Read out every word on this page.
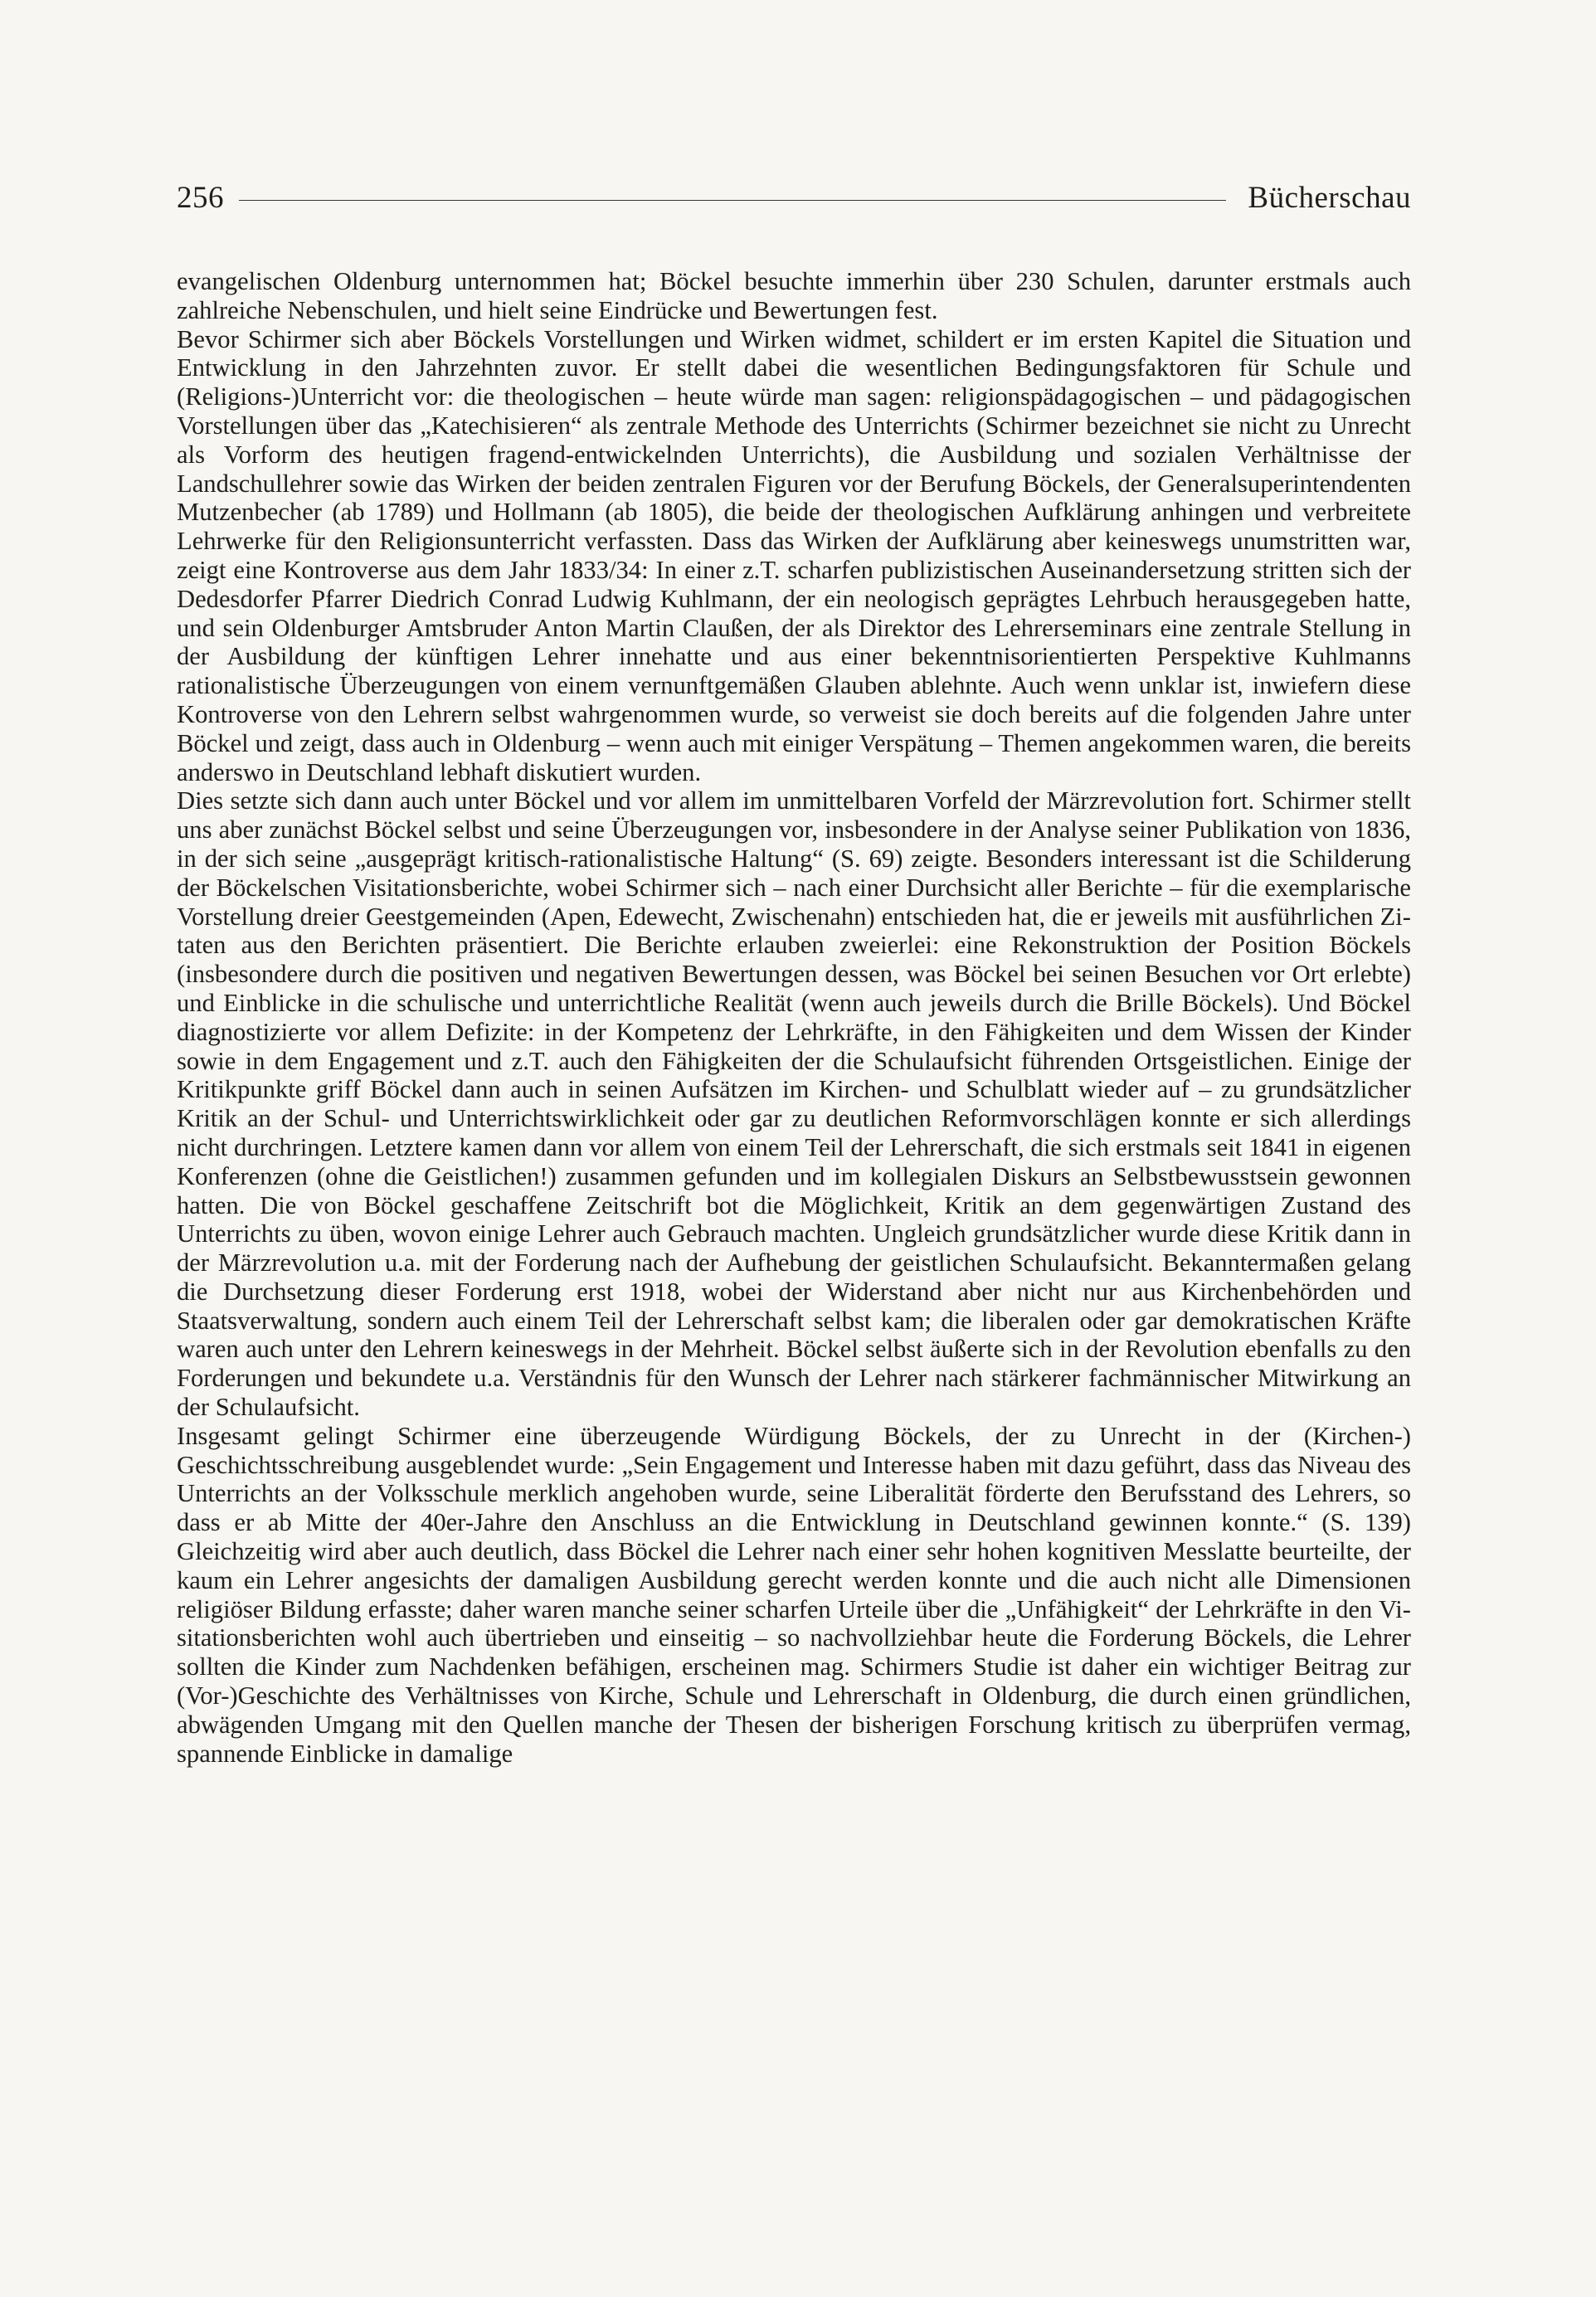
256	Bücherschau

evangelischen Oldenburg unternommen hat; Böckel besuchte immerhin über 230 Schulen, darunter erstmals auch zahlreiche Nebenschulen, und hielt seine Eindrücke und Bewertungen fest.

Bevor Schirmer sich aber Böckels Vorstellungen und Wirken widmet, schildert er im ersten Kapitel die Situation und Entwicklung in den Jahrzehnten zuvor. Er stellt dabei die wesentlichen Bedingungsfaktoren für Schule und (Religions-)Unterricht vor: die theologischen – heute würde man sagen: religionspädagogischen – und pädagogischen Vorstellungen über das „Katechisieren“ als zentrale Methode des Unterrichts (Schirmer bezeichnet sie nicht zu Unrecht als Vorform des heutigen fragend-entwickelnden Unterrichts), die Ausbildung und sozialen Verhältnisse der Landschullehrer sowie das Wirken der beiden zentralen Figuren vor der Berufung Böckels, der Generalsuperintendenten Mutzenbecher (ab 1789) und Hollmann (ab 1805), die beide der theologischen Aufklärung anhingen und verbreitete Lehrwerke für den Religionsunterricht verfassten. Dass das Wirken der Aufklärung aber keineswegs unumstritten war, zeigt eine Kontroverse aus dem Jahr 1833/34: In einer z.T. scharfen publizistischen Auseinandersetzung stritten sich der Dedesdorfer Pfarrer Diedrich Conrad Ludwig Kuhlmann, der ein neologisch geprägtes Lehrbuch herausgegeben hatte, und sein Oldenburger Amtsbruder Anton Martin Claußen, der als Direktor des Lehrerseminars eine zentrale Stellung in der Ausbildung der künftigen Lehrer innehatte und aus einer bekenntnisorientierten Perspektive Kuhlmanns rationalistische Überzeugungen von einem vernunftgemäßen Glauben ablehnte. Auch wenn unklar ist, inwiefern diese Kontroverse von den Lehrern selbst wahrgenommen wurde, so verweist sie doch bereits auf die folgenden Jahre unter Böckel und zeigt, dass auch in Oldenburg – wenn auch mit einiger Verspätung – Themen angekommen waren, die bereits anderswo in Deutschland lebhaft diskutiert wurden.

Dies setzte sich dann auch unter Böckel und vor allem im unmittelbaren Vorfeld der Märzrevolution fort. Schirmer stellt uns aber zunächst Böckel selbst und seine Überzeugungen vor, insbesondere in der Analyse seiner Publikation von 1836, in der sich seine „ausgeprägt kritisch-rationalistische Haltung“ (S. 69) zeigte. Besonders interessant ist die Schilderung der Böckelschen Visitationsberichte, wobei Schirmer sich – nach einer Durchsicht aller Berichte – für die exemplarische Vorstellung dreier Geestgemeinden (Apen, Edewecht, Zwischenahn) entschieden hat, die er jeweils mit ausführlichen Zitaten aus den Berichten präsentiert. Die Berichte erlauben zweierlei: eine Rekonstruktion der Position Böckels (insbesondere durch die positiven und negativen Bewertungen dessen, was Böckel bei seinen Besuchen vor Ort erlebte) und Einblicke in die schulische und unterrichtliche Realität (wenn auch jeweils durch die Brille Böckels). Und Böckel diagnostizierte vor allem Defizite: in der Kompetenz der Lehrkräfte, in den Fähigkeiten und dem Wissen der Kinder sowie in dem Engagement und z.T. auch den Fähigkeiten der die Schulaufsicht führenden Ortsgeistlichen. Einige der Kritikpunkte griff Böckel dann auch in seinen Aufsätzen im Kirchen- und Schulblatt wieder auf – zu grundsätzlicher Kritik an der Schul- und Unterrichtswirklichkeit oder gar zu deutlichen Reformvorschlägen konnte er sich allerdings nicht durchringen. Letztere kamen dann vor allem von einem Teil der Lehrerschaft, die sich erstmals seit 1841 in eigenen Konferenzen (ohne die Geistlichen!) zusammen gefunden und im kollegialen Diskurs an Selbstbewusstsein gewonnen hatten. Die von Böckel geschaffene Zeitschrift bot die Möglichkeit, Kritik an dem gegenwärtigen Zustand des Unterrichts zu üben, wovon einige Lehrer auch Gebrauch machten. Ungleich grundsätzlicher wurde diese Kritik dann in der Märzrevolution u.a. mit der Forderung nach der Aufhebung der geistlichen Schulaufsicht. Bekanntermaßen gelang die Durchsetzung dieser Forderung erst 1918, wobei der Widerstand aber nicht nur aus Kirchenbehörden und Staatsverwaltung, sondern auch einem Teil der Lehrerschaft selbst kam; die liberalen oder gar demokratischen Kräfte waren auch unter den Lehrern keineswegs in der Mehrheit. Böckel selbst äußerte sich in der Revolution ebenfalls zu den Forderungen und bekundete u.a. Verständnis für den Wunsch der Lehrer nach stärkerer fachmännischer Mitwirkung an der Schulaufsicht.

Insgesamt gelingt Schirmer eine überzeugende Würdigung Böckels, der zu Unrecht in der (Kirchen-) Geschichtsschreibung ausgeblendet wurde: „Sein Engagement und Interesse haben mit dazu geführt, dass das Niveau des Unterrichts an der Volksschule merklich angehoben wurde, seine Liberalität förderte den Berufsstand des Lehrers, so dass er ab Mitte der 40er-Jahre den Anschluss an die Entwicklung in Deutschland gewinnen konnte.“ (S. 139) Gleichzeitig wird aber auch deutlich, dass Böckel die Lehrer nach einer sehr hohen kognitiven Messlatte beurteilte, der kaum ein Lehrer angesichts der damaligen Ausbildung gerecht werden konnte und die auch nicht alle Dimensionen religiöser Bildung erfasste; daher waren manche seiner scharfen Urteile über die „Unfähigkeit“ der Lehrkräfte in den Visitationsberichten wohl auch übertrieben und einseitig – so nachvollziehbar heute die Forderung Böckels, die Lehrer sollten die Kinder zum Nachdenken befähigen, erscheinen mag. Schirmers Studie ist daher ein wichtiger Beitrag zur (Vor-)Geschichte des Verhältnisses von Kirche, Schule und Lehrerschaft in Oldenburg, die durch einen gründlichen, abwägenden Umgang mit den Quellen manche der Thesen der bisherigen Forschung kritisch zu überprüfen vermag, spannende Einblicke in damalige
